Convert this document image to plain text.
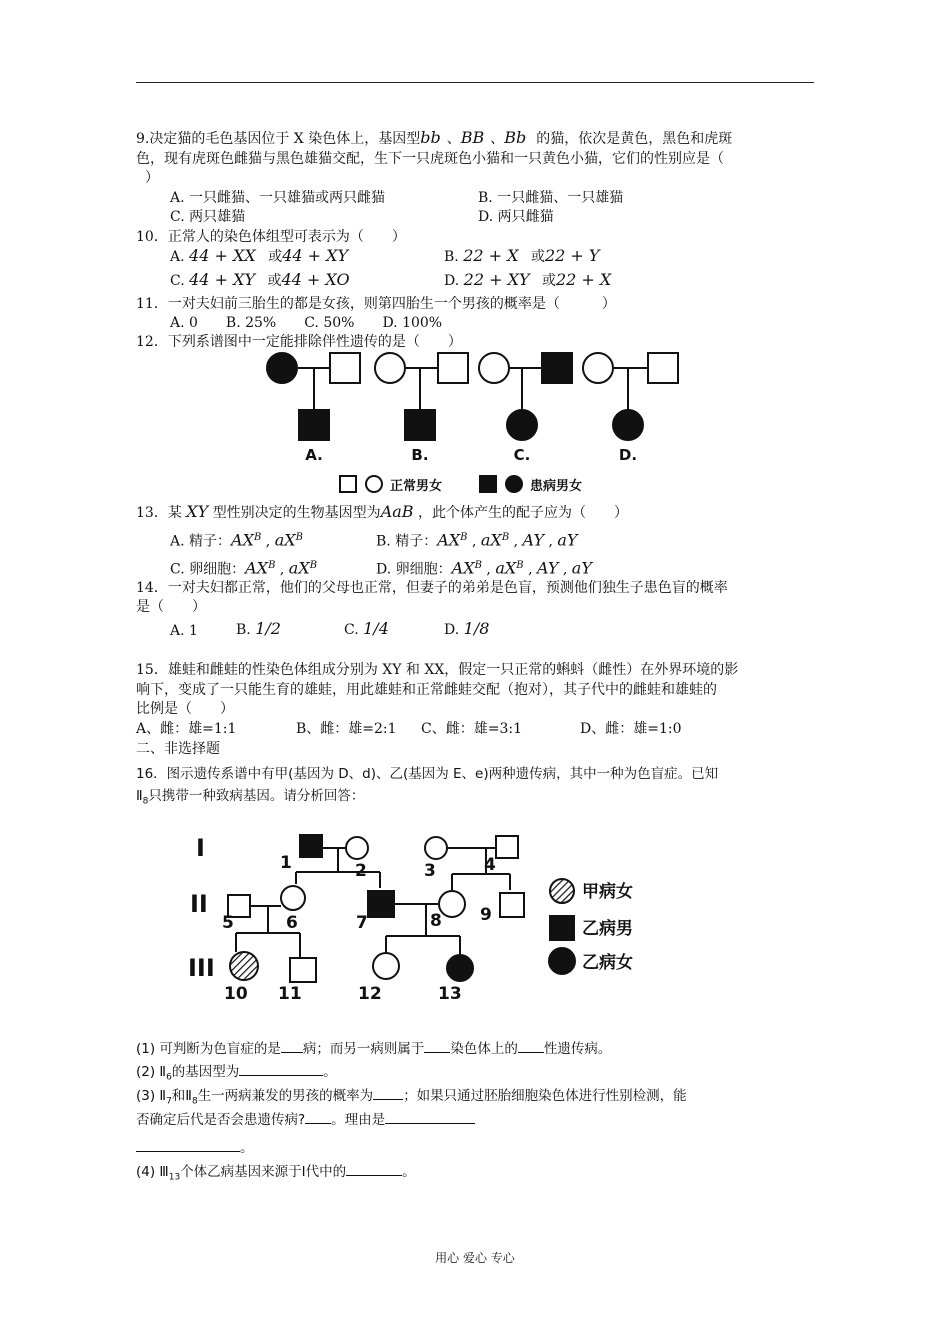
9.决定猫的毛色基因位于 X 染色体上，基因型bb 、BB 、Bb 的猫，依次是黄色，黑色和虎斑
色，现有虎斑色雌猫与黑色雄猫交配，生下一只虎斑色小猫和一只黄色小猫，它们的性别应是（
）
A. 一只雌猫、一只雄猫或两只雌猫	B. 一只雌猫、一只雄猫
C. 两只雄猫	D. 两只雌猫
10．正常人的染色体组型可表示为（　　）
A. 44 + XX 或44 + XY	B. 22 + X 或22 + Y
C. 44 + XY 或44 + XO	D. 22 + XY 或22 + X
11．一对夫妇前三胎生的都是女孩，则第四胎生一个男孩的概率是（　　　）
A. 0　　B. 25%　　C. 50%　　D. 100%
12．下列系谱图中一定能排除伴性遗传的是（　　）
A.	B.	C.	D.
正常男女	患病男女
13．某 XY 型性别决定的生物基因型为AaB ，此个体产生的配子应为（　　）
A. 精子：$AX^B$ , $aX^B$	B. 精子：$AX^B$ , $aX^B$ , AY , aY
C. 卵细胞：$AX^B$ , $aX^B$	D. 卵细胞：$AX^B$ , $aX^B$ , AY , aY
14．一对夫妇都正常，他们的父母也正常，但妻子的弟弟是色盲，预测他们独生子患色盲的概率
是（　　）
A. 1	B. 1/2	C. 1/4	D. 1/8
15．雄蛙和雌蛙的性染色体组成分别为 XY 和 XX，假定一只正常的蝌蚪（雌性）在外界环境的影
响下，变成了一只能生育的雄蛙，用此雄蛙和正常雌蛙交配（抱对），其子代中的雌蛙和雄蛙的
比例是（　　）
A、雌：雄=1:1	B、雌：雄=2:1 C、雌：雄=3:1	D、雌：雄=1:0
二、非选择题
16．图示遗传系谱中有甲(基因为 D、d)、乙(基因为 E、e)两种遗传病，其中一种为色盲症。已知
$Ⅱ_8$只携带一种致病基因。请分析回答：
I
II
III
1	2	3	4
5	6	7	8 9
10 11	12	13
甲病女
乙病男
乙病女
(1) 可判断为色盲症的是 病；而另一病则属于 染色体上的 性遗传病。
(2) $Ⅱ_6$的基因型为	。
(3) $Ⅱ_7$和$Ⅱ_8$生一两病兼发的男孩的概率为 ；如果只通过胚胎细胞染色体进行性别检测，能
否确定后代是否会患遗传病? 。理由是
。
(4) $Ⅲ_{13}$个体乙病基因来源于Ⅰ代中的	。
用心 爱心 专心
